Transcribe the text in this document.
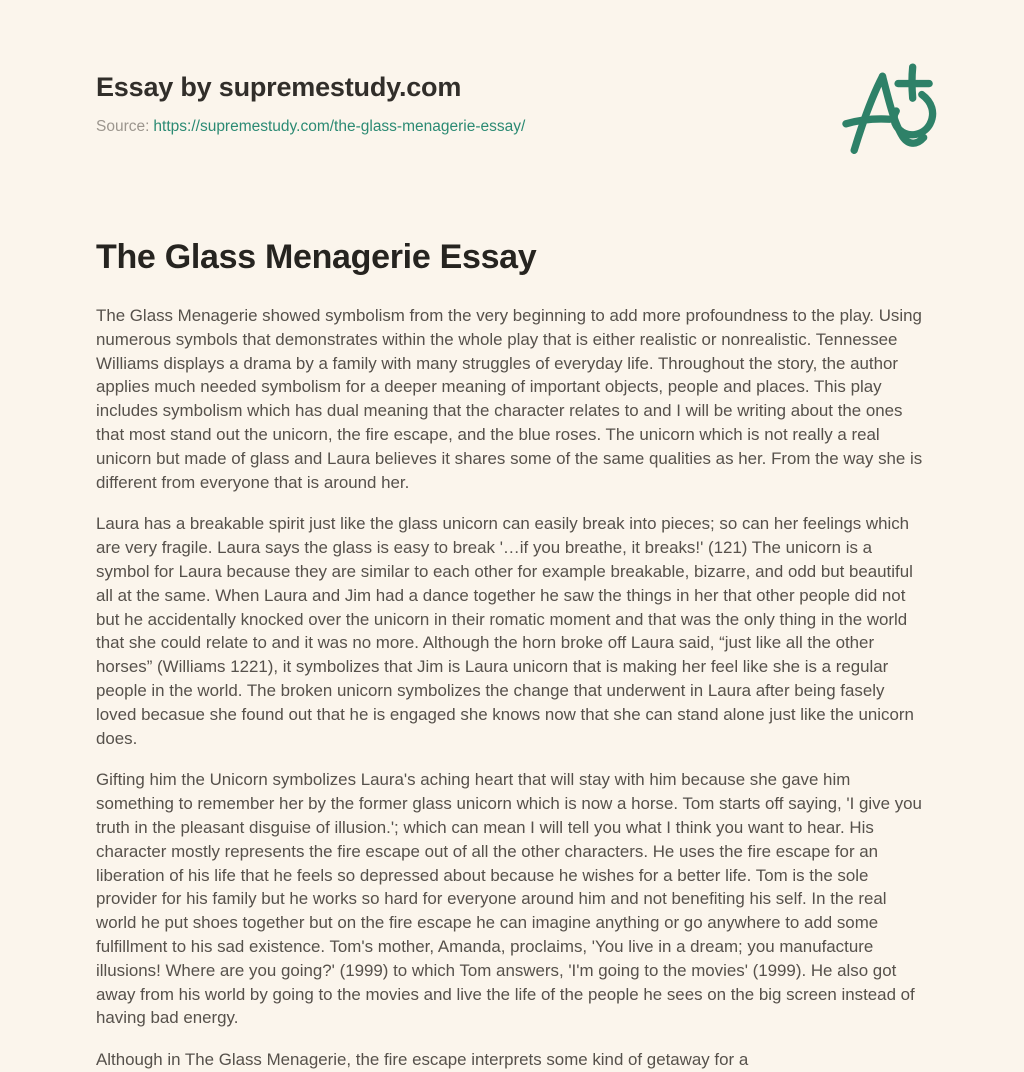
Essay by supremestudy.com
Source: https://supremestudy.com/the-glass-menagerie-essay/
The Glass Menagerie Essay

The Glass Menagerie showed symbolism from the very beginning to add more profoundness to the play. Using numerous symbols that demonstrates within the whole play that is either realistic or nonrealistic. Tennessee Williams displays a drama by a family with many struggles of everyday life. Throughout the story, the author applies much needed symbolism for a deeper meaning of important objects, people and places. This play includes symbolism which has dual meaning that the character relates to and I will be writing about the ones that most stand out the unicorn, the fire escape, and the blue roses. The unicorn which is not really a real unicorn but made of glass and Laura believes it shares some of the same qualities as her. From the way she is different from everyone that is around her.

Laura has a breakable spirit just like the glass unicorn can easily break into pieces; so can her feelings which are very fragile. Laura says the glass is easy to break '…if you breathe, it breaks!' (121) The unicorn is a symbol for Laura because they are similar to each other for example breakable, bizarre, and odd but beautiful all at the same. When Laura and Jim had a dance together he saw the things in her that other people did not but he accidentally knocked over the unicorn in their romatic moment and that was the only thing in the world that she could relate to and it was no more. Although the horn broke off Laura said, “just like all the other horses” (Williams 1221), it symbolizes that Jim is Laura unicorn that is making her feel like she is a regular people in the world. The broken unicorn symbolizes the change that underwent in Laura after being fasely loved becasue she found out that he is engaged she knows now that she can stand alone just like the unicorn does.

Gifting him the Unicorn symbolizes Laura's aching heart that will stay with him because she gave him something to remember her by the former glass unicorn which is now a horse. Tom starts off saying, 'I give you truth in the pleasant disguise of illusion.'; which can mean I will tell you what I think you want to hear. His character mostly represents the fire escape out of all the other characters. He uses the fire escape for an liberation of his life that he feels so depressed about because he wishes for a better life. Tom is the sole provider for his family but he works so hard for everyone around him and not benefiting his self. In the real world he put shoes together but on the fire escape he can imagine anything or go anywhere to add some fulfillment to his sad existence. Tom's mother, Amanda, proclaims, 'You live in a dream; you manufacture illusions! Where are you going?' (1999) to which Tom answers, 'I'm going to the movies' (1999). He also got away from his world by going to the movies and live the life of the people he sees on the big screen instead of having bad energy.

Although in The Glass Menagerie, the fire escape interprets some kind of getaway for a
